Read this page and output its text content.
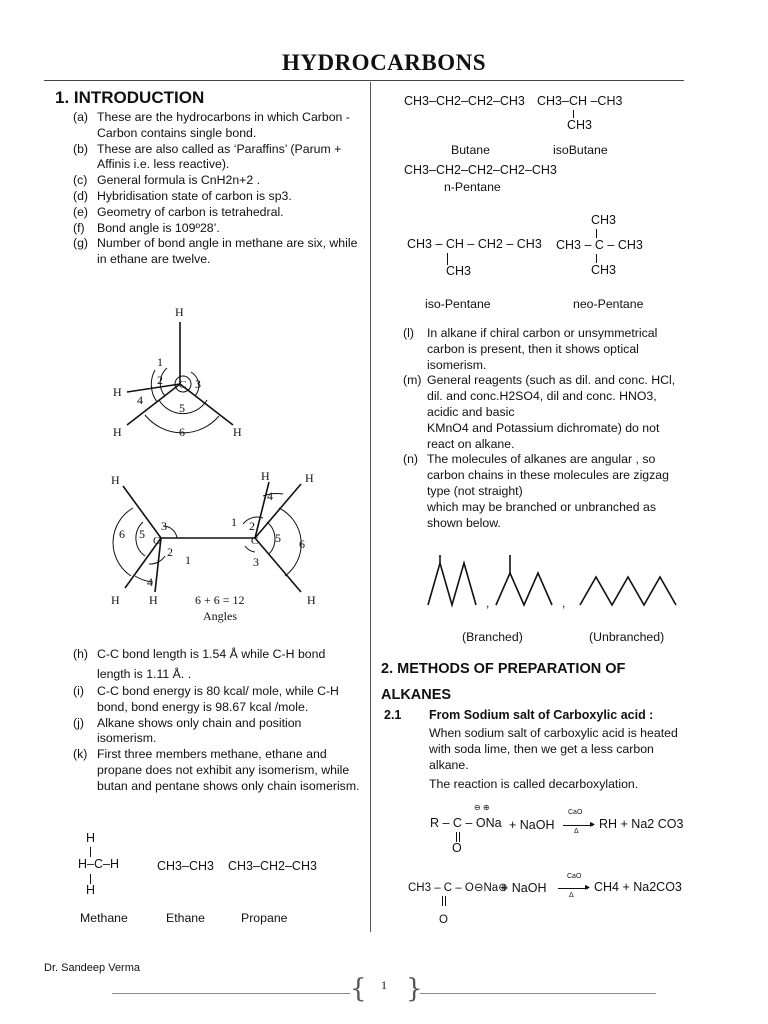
HYDROCARBONS
1. INTRODUCTION
(a) These are the hydrocarbons in which Carbon - Carbon contains single bond.
(b) These are also called as ‘Paraffins’ (Parum + Affinis i.e. less reactive).
(c) General formula is CnH2n+2 .
(d) Hybridisation state of carbon is sp3.
(e) Geometry of carbon is tetrahedral.
(f)	Bond angle is 109º28’.
(g) Number of bond angle in methane are six, while in ethane are twelve.
H
H
H	H
C
1
2	3
4
5
6
H
H H
H	H
H
C	C
6 5
3
2
1
4
1
4
2
5
3
6
6 + 6 = 12
Angles
(h) C-C bond length is 1.54 Å while C-H bond length is 1.11 Å. .
(i)	C-C bond energy is 80 kcal/ mole, while C-H bond, bond energy is 98.67 kcal /mole.
(j)	Alkane shows only chain and position isomerism.
(k) First three members methane, ethane and propane does not exhibit any isomerism, while butan and pentane shows only chain isomerism.
H
H–C–H
H
CH3–CH3 CH3–CH2–CH3
Methane	Ethane	Propane
CH3–CH2–CH2–CH3 CH3–CH –CH3
CH3
Butane	isoButane
CH3–CH2–CH2–CH2–CH3
n-Pentane
CH3 – CH – CH2 – CH3
CH3
CH3
CH3 – C – CH3
CH3
iso-Pentane	neo-Pentane
(l)	In alkane if chiral carbon or unsymmetrical carbon is present, then it shows optical isomerism.
(m) General reagents (such as dil. and conc. HCl, dil. and conc.H2SO4, dil and conc. HNO3, acidic and basic
KMnO4 and Potassium dichromate) do not react on alkane.
(n) The molecules of alkanes are angular , so carbon chains in these molecules are zigzag type (not straight)
which may be branched or unbranched as shown below.
,	,
(Branched)	(Unbranched)
2. METHODS OF PREPARATION OF
ALKANES
2.1 From Sodium salt of Carboxylic acid :
When sodium salt of carboxylic acid is heated with soda lime, then we get a less carbon alkane.
The reaction is called decarboxylation.
⊖ ⊕
R – C – ONa
O
+ NaOH
CaO
▸
Δ
RH + Na2 CO3
CH3 – C – O⊖Na⊕
O
+ NaOH
CaO
▸
Δ
CH4 + Na2CO3
Dr. Sandeep Verma
{ }
1
